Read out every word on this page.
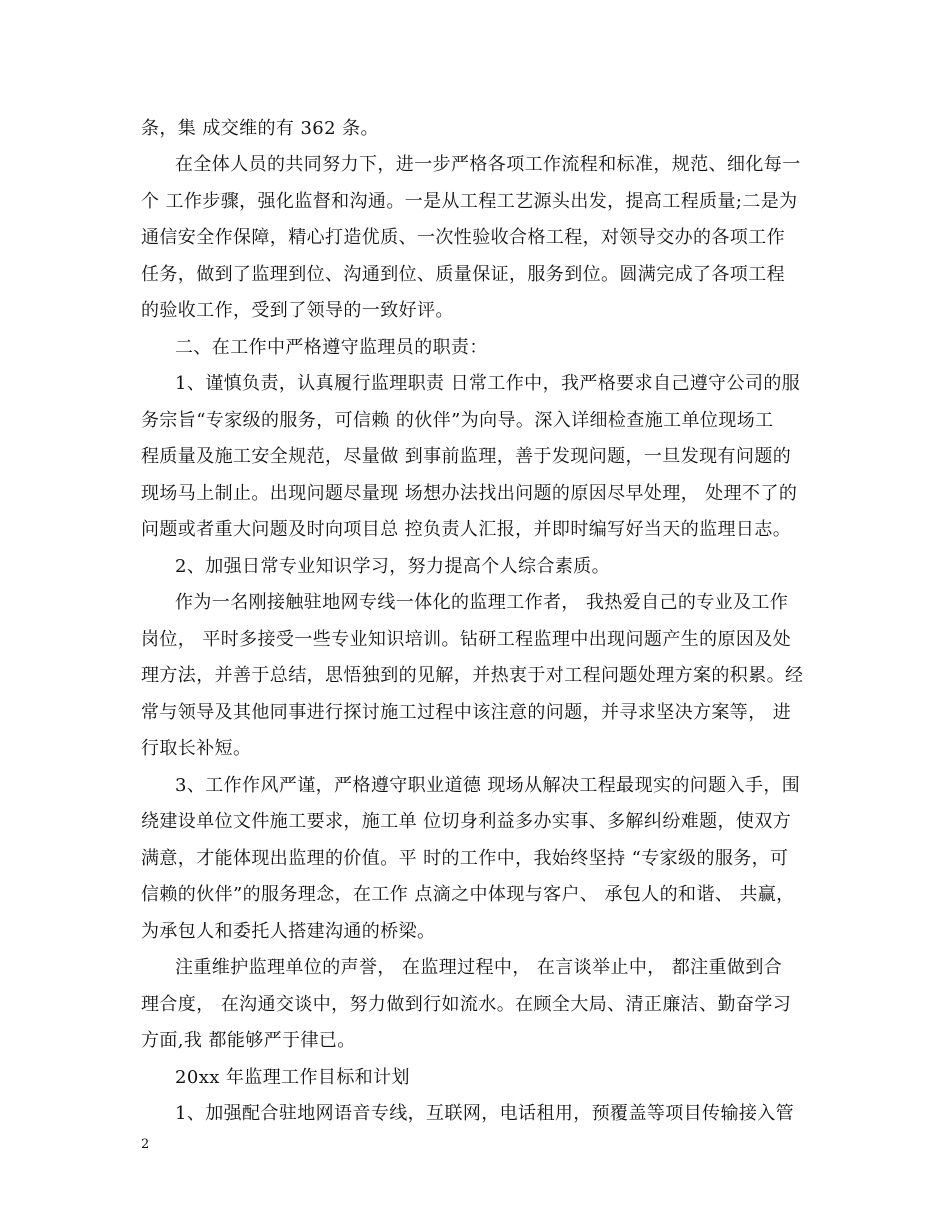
条，集 成交维的有 362 条。
在全体人员的共同努力下，进一步严格各项工作流程和标准，规范、细化每一
个 工作步骤，强化监督和沟通。一是从工程工艺源头出发，提高工程质量;二是为
通信安全作保障，精心打造优质、一次性验收合格工程，对领导交办的各项工作
任务，做到了监理到位、沟通到位、质量保证，服务到位。圆满完成了各项工程
的验收工作，受到了领导的一致好评。
二、在工作中严格遵守监理员的职责：
1、谨慎负责，认真履行监理职责 日常工作中，我严格要求自己遵守公司的服
务宗旨“专家级的服务，可信赖 的伙伴”为向导。深入详细检查施工单位现场工
程质量及施工安全规范，尽量做 到事前监理，善于发现问题，一旦发现有问题的
现场马上制止。出现问题尽量现 场想办法找出问题的原因尽早处理， 处理不了的
问题或者重大问题及时向项目总 控负责人汇报，并即时编写好当天的监理日志。
2、加强日常专业知识学习，努力提高个人综合素质。
作为一名刚接触驻地网专线一体化的监理工作者， 我热爱自己的专业及工作
岗位， 平时多接受一些专业知识培训。钻研工程监理中出现问题产生的原因及处
理方法，并善于总结，思悟独到的见解，并热衷于对工程问题处理方案的积累。经
常与领导及其他同事进行探讨施工过程中该注意的问题，并寻求坚决方案等， 进
行取长补短。
3、工作作风严谨，严格遵守职业道德 现场从解决工程最现实的问题入手，围
绕建设单位文件施工要求，施工单 位切身利益多办实事、多解纠纷难题，使双方
满意，才能体现出监理的价值。平 时的工作中，我始终坚持 “专家级的服务，可
信赖的伙伴”的服务理念，在工作 点滴之中体现与客户、 承包人的和谐、 共赢，
为承包人和委托人搭建沟通的桥梁。
注重维护监理单位的声誉， 在监理过程中， 在言谈举止中， 都注重做到合
理合度， 在沟通交谈中，努力做到行如流水。在顾全大局、清正廉洁、勤奋学习
方面,我 都能够严于律已。
20xx 年监理工作目标和计划
1、加强配合驻地网语音专线，互联网，电话租用，预覆盖等项目传输接入管
2
